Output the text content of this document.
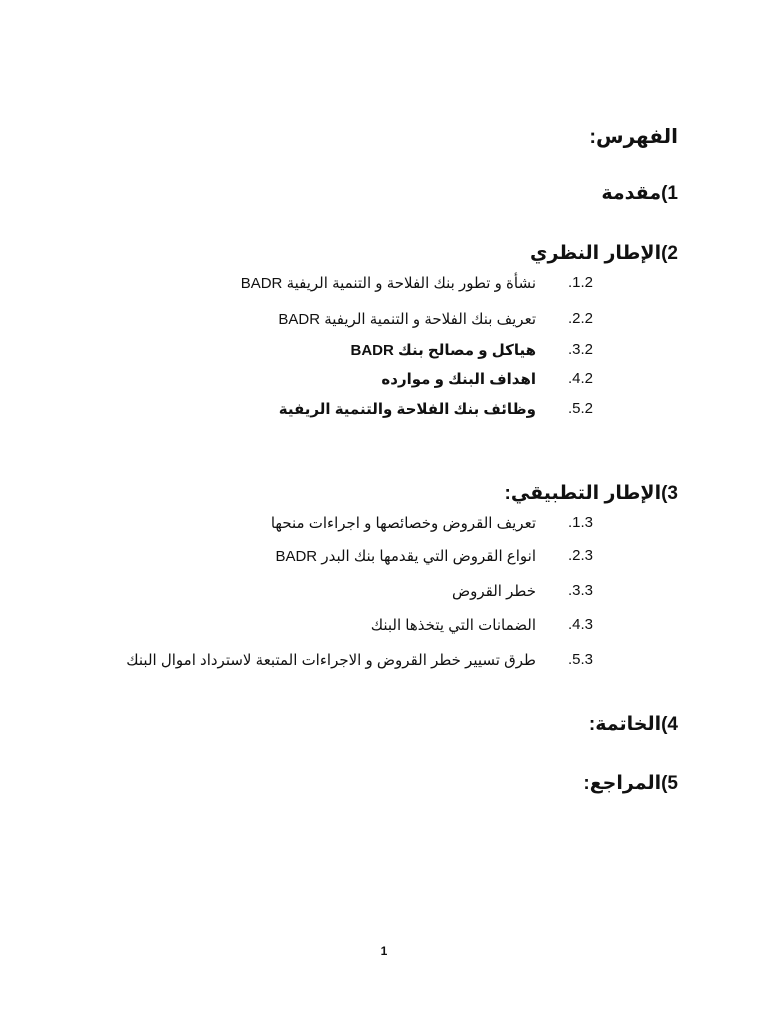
الفهرس:
1)مقدمة
2)الإطار النظري
.1.2
نشأة و تطور بنك الفلاحة و التنمية الريفية BADR
.2.2
تعريف بنك الفلاحة و التنمية الريفية BADR
.3.2
هياكل و مصالح بنك BADR
.4.2
اهداف البنك و موارده
.5.2
وظائف بنك الفلاحة والتنمية الريفية
3)الإطار التطبيقي:
.1.3
تعريف القروض وخصائصها و اجراءات منحها
.2.3
انواع القروض التي يقدمها بنك البدر BADR
.3.3
خطر القروض
.4.3
الضمانات التي يتخذها البنك
.5.3
طرق تسيير خطر القروض و الاجراءات المتبعة لاسترداد اموال البنك
4)الخاتمة:
5)المراجع:
1
